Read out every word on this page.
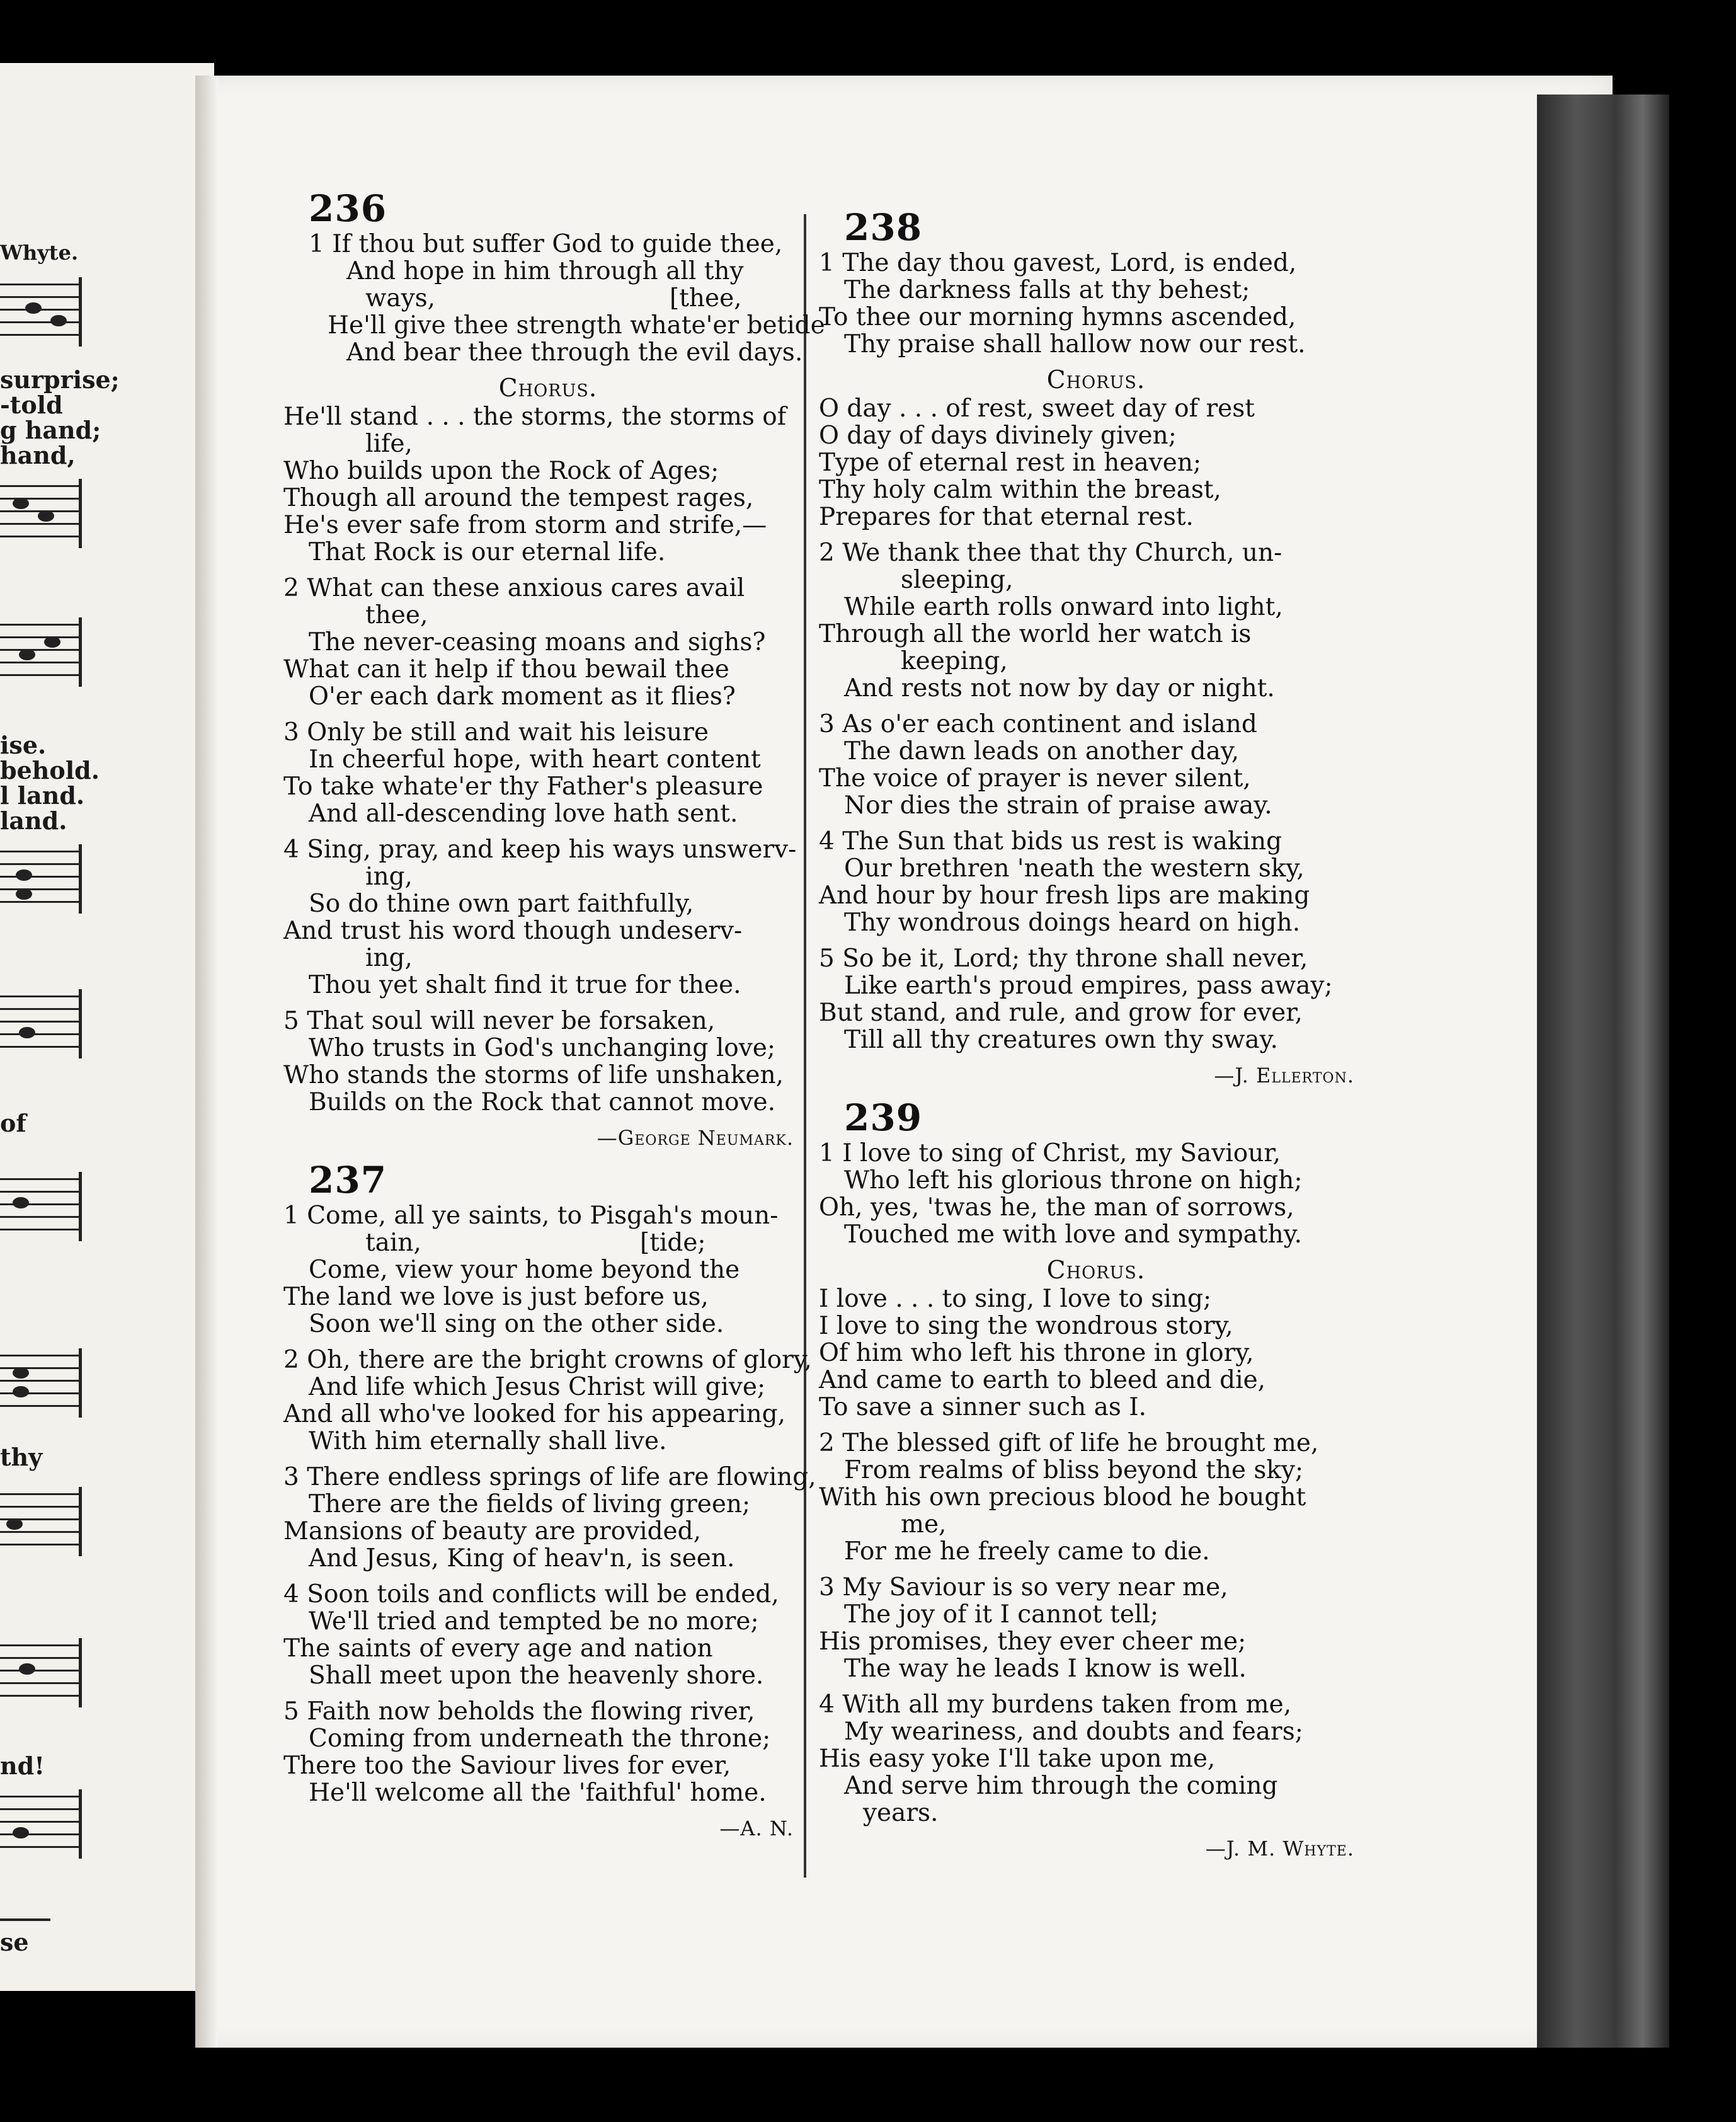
Whyte.
surprise;
-told
g hand;
hand,
ise.
behold.
l land.
land.
of
thy
nd!
se
236
1 If thou but suffer God to guide thee,
And hope in him through all thy
ways,                              [thee,
He'll give thee strength whate'er betide
And bear thee through the evil days.
Chorus.
He'll stand . . . the storms, the storms of
life,
Who builds upon the Rock of Ages;
Though all around the tempest rages,
He's ever safe from storm and strife,—
That Rock is our eternal life.
2 What can these anxious cares avail
thee,
The never-ceasing moans and sighs?
What can it help if thou bewail thee
O'er each dark moment as it flies?
3 Only be still and wait his leisure
In cheerful hope, with heart content
To take whate'er thy Father's pleasure
And all-descending love hath sent.
4 Sing, pray, and keep his ways unswerv-
ing,
So do thine own part faithfully,
And trust his word though undeserv-
ing,
Thou yet shalt find it true for thee.
5 That soul will never be forsaken,
Who trusts in God's unchanging love;
Who stands the storms of life unshaken,
Builds on the Rock that cannot move.
—George Neumark.
237
1 Come, all ye saints, to Pisgah's moun-
tain,                            [tide;
Come, view your home beyond the
The land we love is just before us,
Soon we'll sing on the other side.
2 Oh, there are the bright crowns of glory,
And life which Jesus Christ will give;
And all who've looked for his appearing,
With him eternally shall live.
3 There endless springs of life are flowing,
There are the fields of living green;
Mansions of beauty are provided,
And Jesus, King of heav'n, is seen.
4 Soon toils and conflicts will be ended,
We'll tried and tempted be no more;
The saints of every age and nation
Shall meet upon the heavenly shore.
5 Faith now beholds the flowing river,
Coming from underneath the throne;
There too the Saviour lives for ever,
He'll welcome all the 'faithful' home.
—A. N.
238
1 The day thou gavest, Lord, is ended,
The darkness falls at thy behest;
To thee our morning hymns ascended,
Thy praise shall hallow now our rest.
Chorus.
O day . . . of rest, sweet day of rest
O day of days divinely given;
Type of eternal rest in heaven;
Thy holy calm within the breast,
Prepares for that eternal rest.
2 We thank thee that thy Church, un-
sleeping,
While earth rolls onward into light,
Through all the world her watch is
keeping,
And rests not now by day or night.
3 As o'er each continent and island
The dawn leads on another day,
The voice of prayer is never silent,
Nor dies the strain of praise away.
4 The Sun that bids us rest is waking
Our brethren 'neath the western sky,
And hour by hour fresh lips are making
Thy wondrous doings heard on high.
5 So be it, Lord; thy throne shall never,
Like earth's proud empires, pass away;
But stand, and rule, and grow for ever,
Till all thy creatures own thy sway.
—J. Ellerton.
239
1 I love to sing of Christ, my Saviour,
Who left his glorious throne on high;
Oh, yes, 'twas he, the man of sorrows,
Touched me with love and sympathy.
Chorus.
I love . . . to sing, I love to sing;
I love to sing the wondrous story,
Of him who left his throne in glory,
And came to earth to bleed and die,
To save a sinner such as I.
2 The blessed gift of life he brought me,
From realms of bliss beyond the sky;
With his own precious blood he bought
me,
For me he freely came to die.
3 My Saviour is so very near me,
The joy of it I cannot tell;
His promises, they ever cheer me;
The way he leads I know is well.
4 With all my burdens taken from me,
My weariness, and doubts and fears;
His easy yoke I'll take upon me,
And serve him through the coming
years.
—J. M. Whyte.
